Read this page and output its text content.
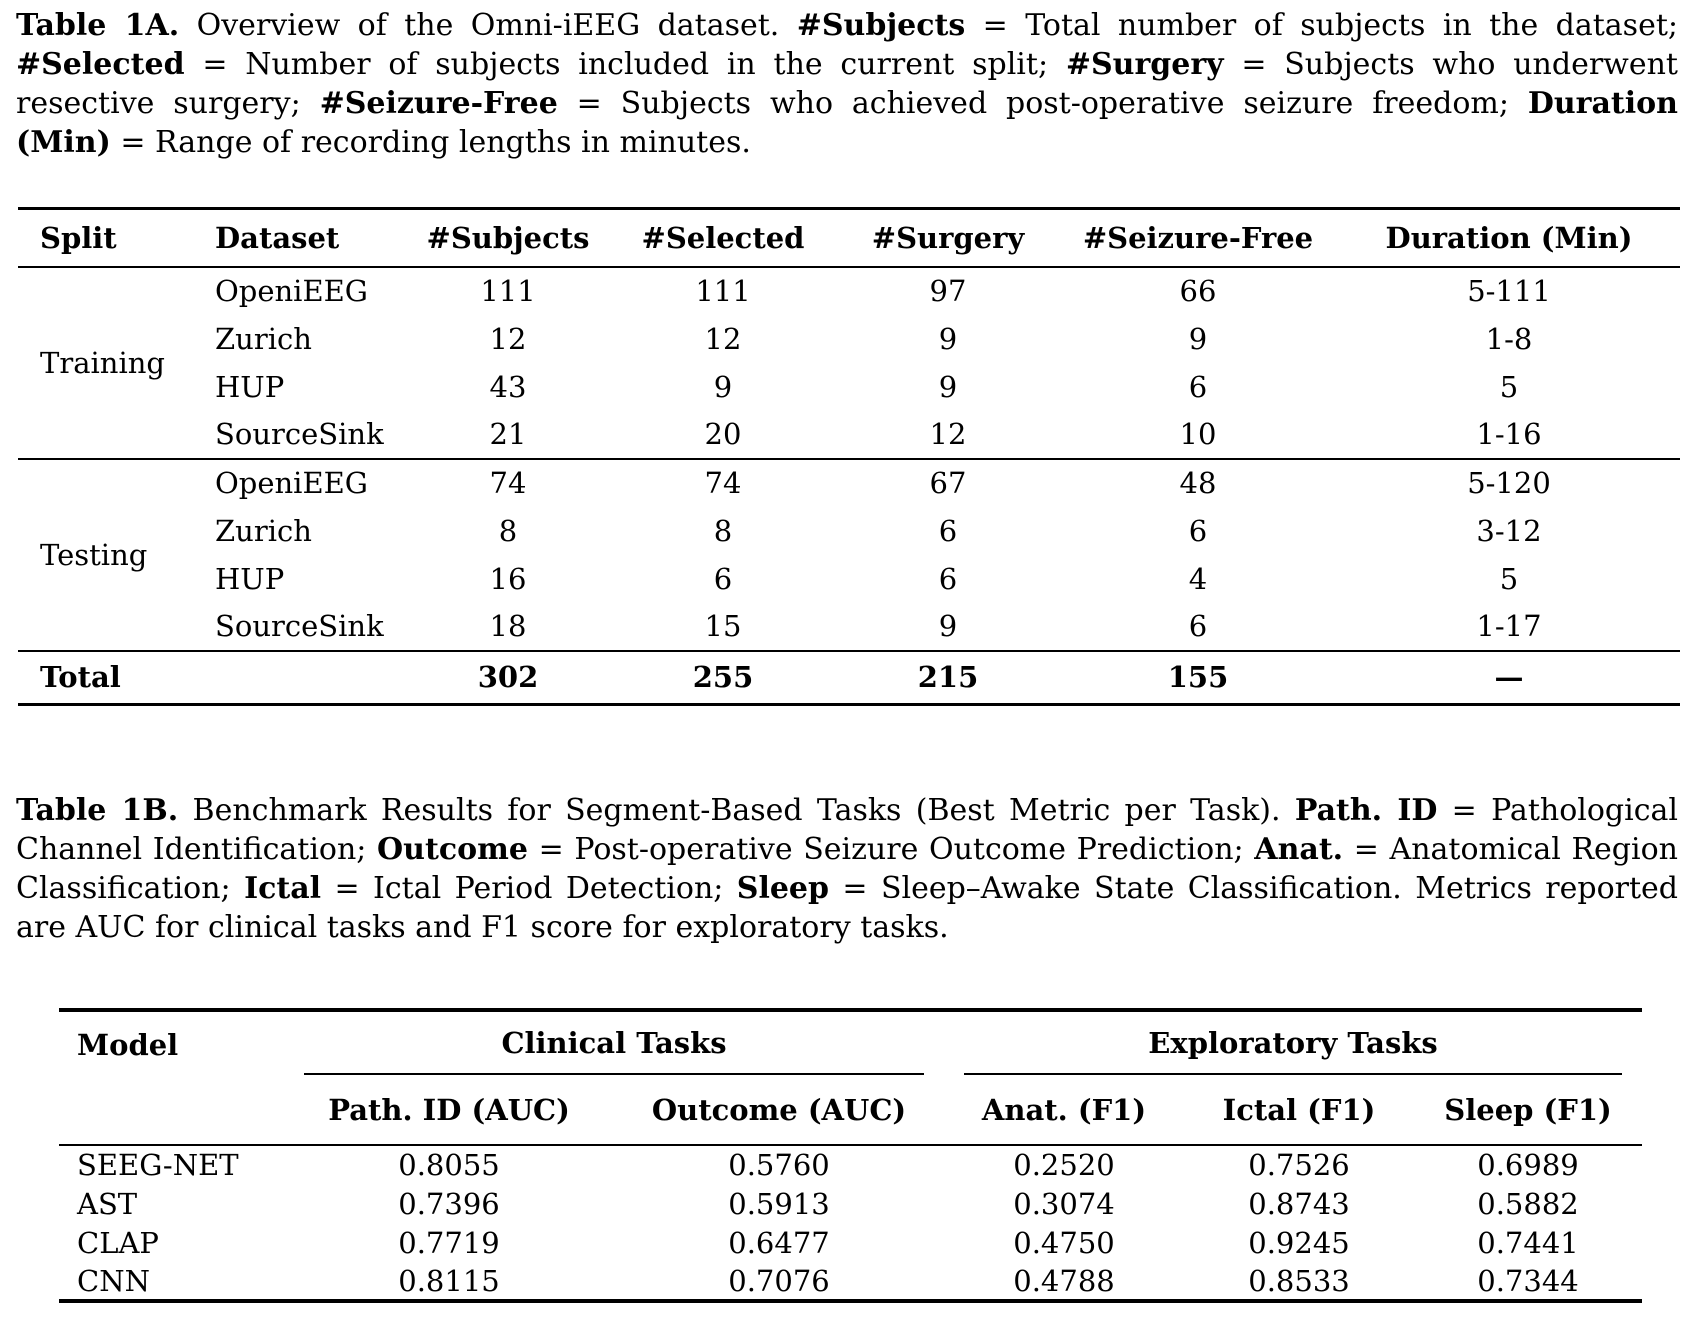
Table 1A. Overview of the Omni-iEEG dataset. #Subjects = Total number of subjects in the dataset; #Selected = Number of subjects included in the current split; #Surgery = Subjects who underwent resective surgery; #Seizure-Free = Subjects who achieved post-operative seizure freedom; Duration (Min) = Range of recording lengths in minutes.

Split	Dataset	#Subjects	#Selected	#Surgery	#Seizure-Free	Duration (Min)
Training	OpeniEEG	111	111	97	66	5-111
	Zurich	12	12	9	9	1-8
	HUP	43	9	9	6	5
	SourceSink	21	20	12	10	1-16
Testing	OpeniEEG	74	74	67	48	5-120
	Zurich	8	8	6	6	3-12
	HUP	16	6	6	4	5
	SourceSink	18	15	9	6	1-17
Total		302	255	215	155	—

Table 1B. Benchmark Results for Segment-Based Tasks (Best Metric per Task). Path. ID = Pathological Channel Identification; Outcome = Post-operative Seizure Outcome Prediction; Anat. = Anatomical Region Classification; Ictal = Ictal Period Detection; Sleep = Sleep–Awake State Classification. Metrics reported are AUC for clinical tasks and F1 score for exploratory tasks.

Model	Clinical Tasks		Exploratory Tasks		

	Path. ID (AUC)	Outcome (AUC)	Anat. (F1)	Ictal (F1)	Sleep (F1)
SEEG-NET	0.8055	0.5760	0.2520	0.7526	0.6989
AST	0.7396	0.5913	0.3074	0.8743	0.5882
CLAP	0.7719	0.6477	0.4750	0.9245	0.7441
CNN	0.8115	0.7076	0.4788	0.8533	0.7344
